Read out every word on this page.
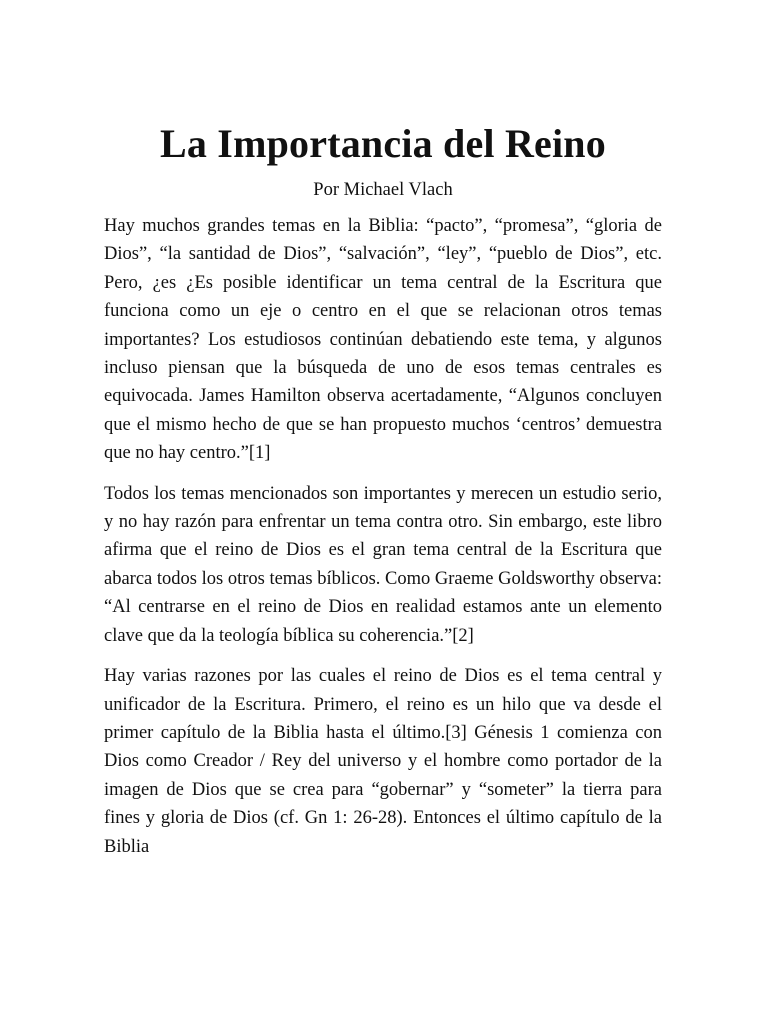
La Importancia del Reino

Por Michael Vlach

Hay muchos grandes temas en la Biblia: “pacto”, “promesa”, “gloria de Dios”, “la santidad de Dios”, “salvación”, “ley”, “pueblo de Dios”, etc. Pero, ¿es ¿Es posible identificar un tema central de la Escritura que funciona como un eje o centro en el que se relacionan otros temas importantes? Los estudiosos continúan debatiendo este tema, y algunos incluso piensan que la búsqueda de uno de esos temas centrales es equivocada. James Hamilton observa acertadamente, “Algunos concluyen que el mismo hecho de que se han propuesto muchos ‘centros’ demuestra que no hay centro.”[1]

Todos los temas mencionados son importantes y merecen un estudio serio, y no hay razón para enfrentar un tema contra otro. Sin embargo, este libro afirma que el reino de Dios es el gran tema central de la Escritura que abarca todos los otros temas bíblicos. Como Graeme Goldsworthy observa: “Al centrarse en el reino de Dios en realidad estamos ante un elemento clave que da la teología bíblica su coherencia.”[2]

Hay varias razones por las cuales el reino de Dios es el tema central y unificador de la Escritura. Primero, el reino es un hilo que va desde el primer capítulo de la Biblia hasta el último.[3] Génesis 1 comienza con Dios como Creador / Rey del universo y el hombre como portador de la imagen de Dios que se crea para “gobernar” y “someter” la tierra para fines y gloria de Dios (cf. Gn 1: 26-28). Entonces el último capítulo de la Biblia
